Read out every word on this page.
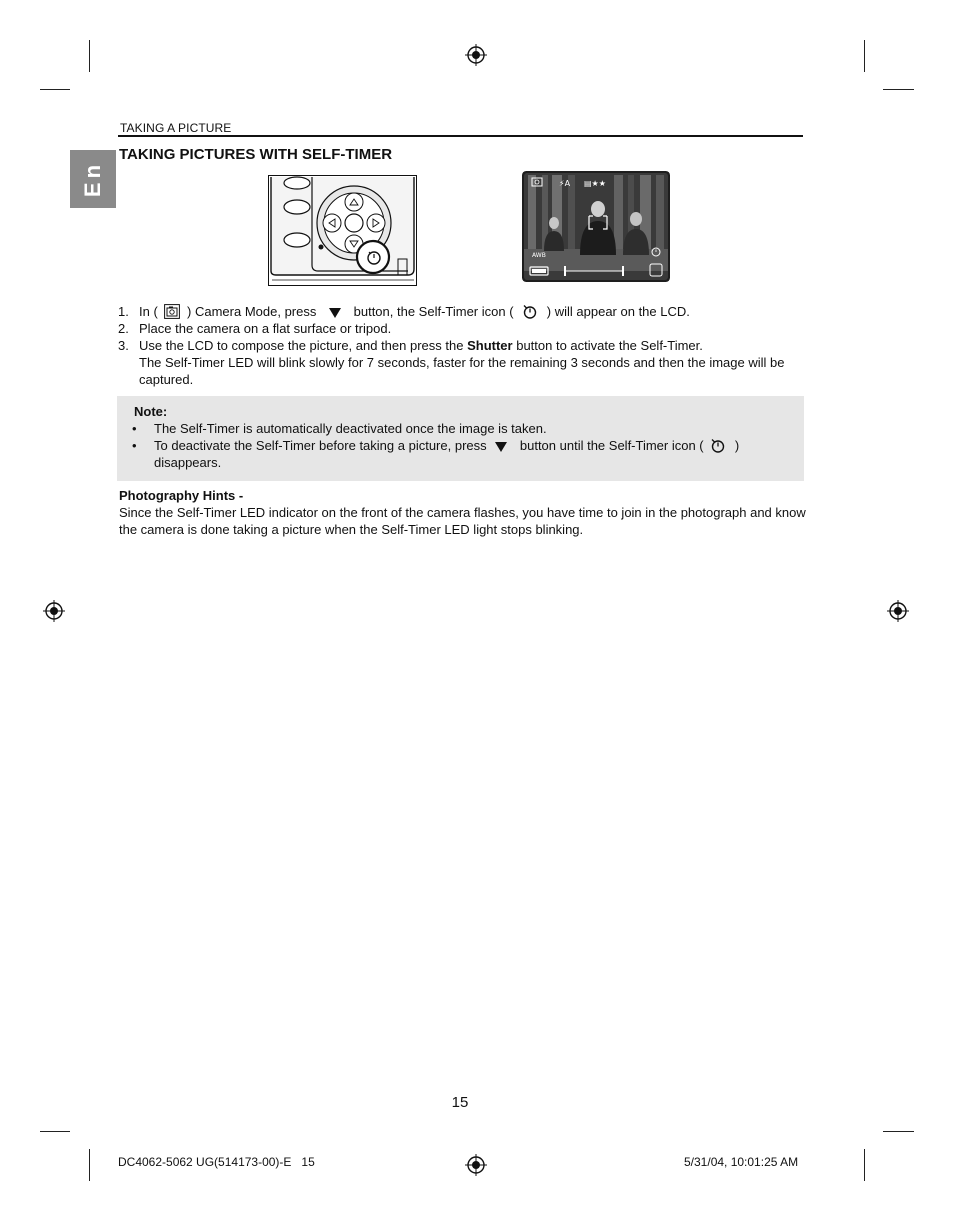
TAKING A PICTURE
En
TAKING PICTURES WITH SELF-TIMER
⚡A ▤★★
AWB
1. In ( ) Camera Mode, press	button, the Self-Timer icon (	) will appear on the LCD.
2. Place the camera on a flat surface or tripod.
3. Use the LCD to compose the picture, and then press the Shutter button to activate the Self-Timer.
The Self-Timer LED will blink slowly for 7 seconds, faster for the remaining 3 seconds and then the image will be captured.
Note:
• The Self-Timer is automatically deactivated once the image is taken.
• To deactivate the Self-Timer before taking a picture, press	button until the Self-Timer icon ( )
disappears.
Photography Hints -
Since the Self-Timer LED indicator on the front of the camera flashes, you have time to join in the photograph and know the camera is done taking a picture when the Self-Timer LED light stops blinking.
15
DC4062-5062 UG(514173-00)-E   15	5/31/04, 10:01:25 AM
